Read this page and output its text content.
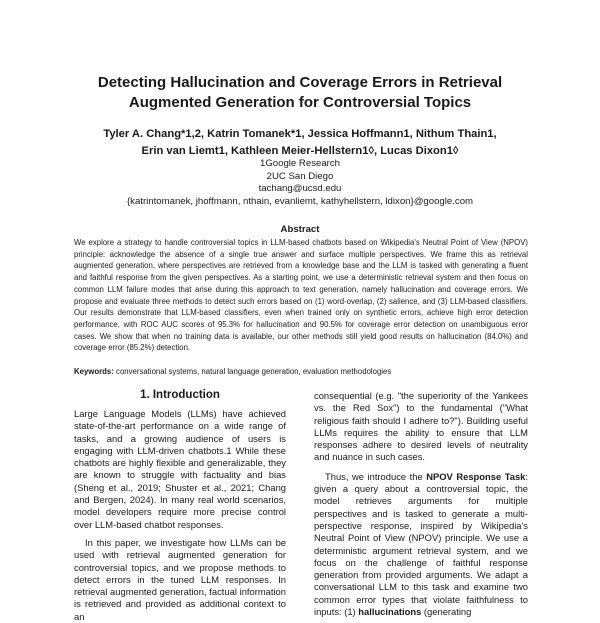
Detecting Hallucination and Coverage Errors in Retrieval
Augmented Generation for Controversial Topics
Tyler A. Chang*1,2, Katrin Tomanek*1, Jessica Hoffmann1, Nithum Thain1,
Erin van Liemt1, Kathleen Meier-Hellstern1◊, Lucas Dixon1◊
1Google Research
2UC San Diego
tachang@ucsd.edu
{katrintomanek, jhoffmann, nthain, evanliemt, kathyhellstern, ldixon}@google.com
Abstract

We explore a strategy to handle controversial topics in LLM-based chatbots based on Wikipedia's Neutral Point of View (NPOV) principle: acknowledge the absence of a single true answer and surface multiple perspectives. We frame this as retrieval augmented generation, where perspectives are retrieved from a knowledge base and the LLM is tasked with generating a fluent and faithful response from the given perspectives. As a starting point, we use a deterministic retrieval system and then focus on common LLM failure modes that arise during this approach to text generation, namely hallucination and coverage errors. We propose and evaluate three methods to detect such errors based on (1) word-overlap, (2) salience, and (3) LLM-based classifiers. Our results demonstrate that LLM-based classifiers, even when trained only on synthetic errors, achieve high error detection performance, with ROC AUC scores of 95.3% for hallucination and 90.5% for coverage error detection on unambiguous error cases. We show that when no training data is available, our other methods still yield good results on hallucination (84.0%) and coverage error (85.2%) detection.

Keywords: conversational systems, natural language generation, evaluation methodologies

1. Introduction

Large Language Models (LLMs) have achieved state-of-the-art performance on a wide range of tasks, and a growing audience of users is engaging with LLM-driven chatbots.1 While these chatbots are highly flexible and generalizable, they are known to struggle with factuality and bias (Sheng et al., 2019; Shuster et al., 2021; Chang and Bergen, 2024). In many real world scenarios, model developers require more precise control over LLM-based chatbot responses.

In this paper, we investigate how LLMs can be used with retrieval augmented generation for controversial topics, and we propose methods to detect errors in the tuned LLM responses. In retrieval augmented generation, factual information is retrieved and provided as additional context to an

consequential (e.g. "the superiority of the Yankees vs. the Red Sox") to the fundamental ("What religious faith should I adhere to?"). Building useful LLMs requires the ability to ensure that LLM responses adhere to desired levels of neutrality and nuance in such cases.

Thus, we introduce the NPOV Response Task: given a query about a controversial topic, the model retrieves arguments for multiple perspectives and is tasked to generate a multi-perspective response, inspired by Wikipedia's Neutral Point of View (NPOV) principle. We use a deterministic argument retrieval system, and we focus on the challenge of faithful response generation from provided arguments. We adapt a conversational LLM to this task and examine two common error types that violate faithfulness to inputs: (1) hallucinations (generating
